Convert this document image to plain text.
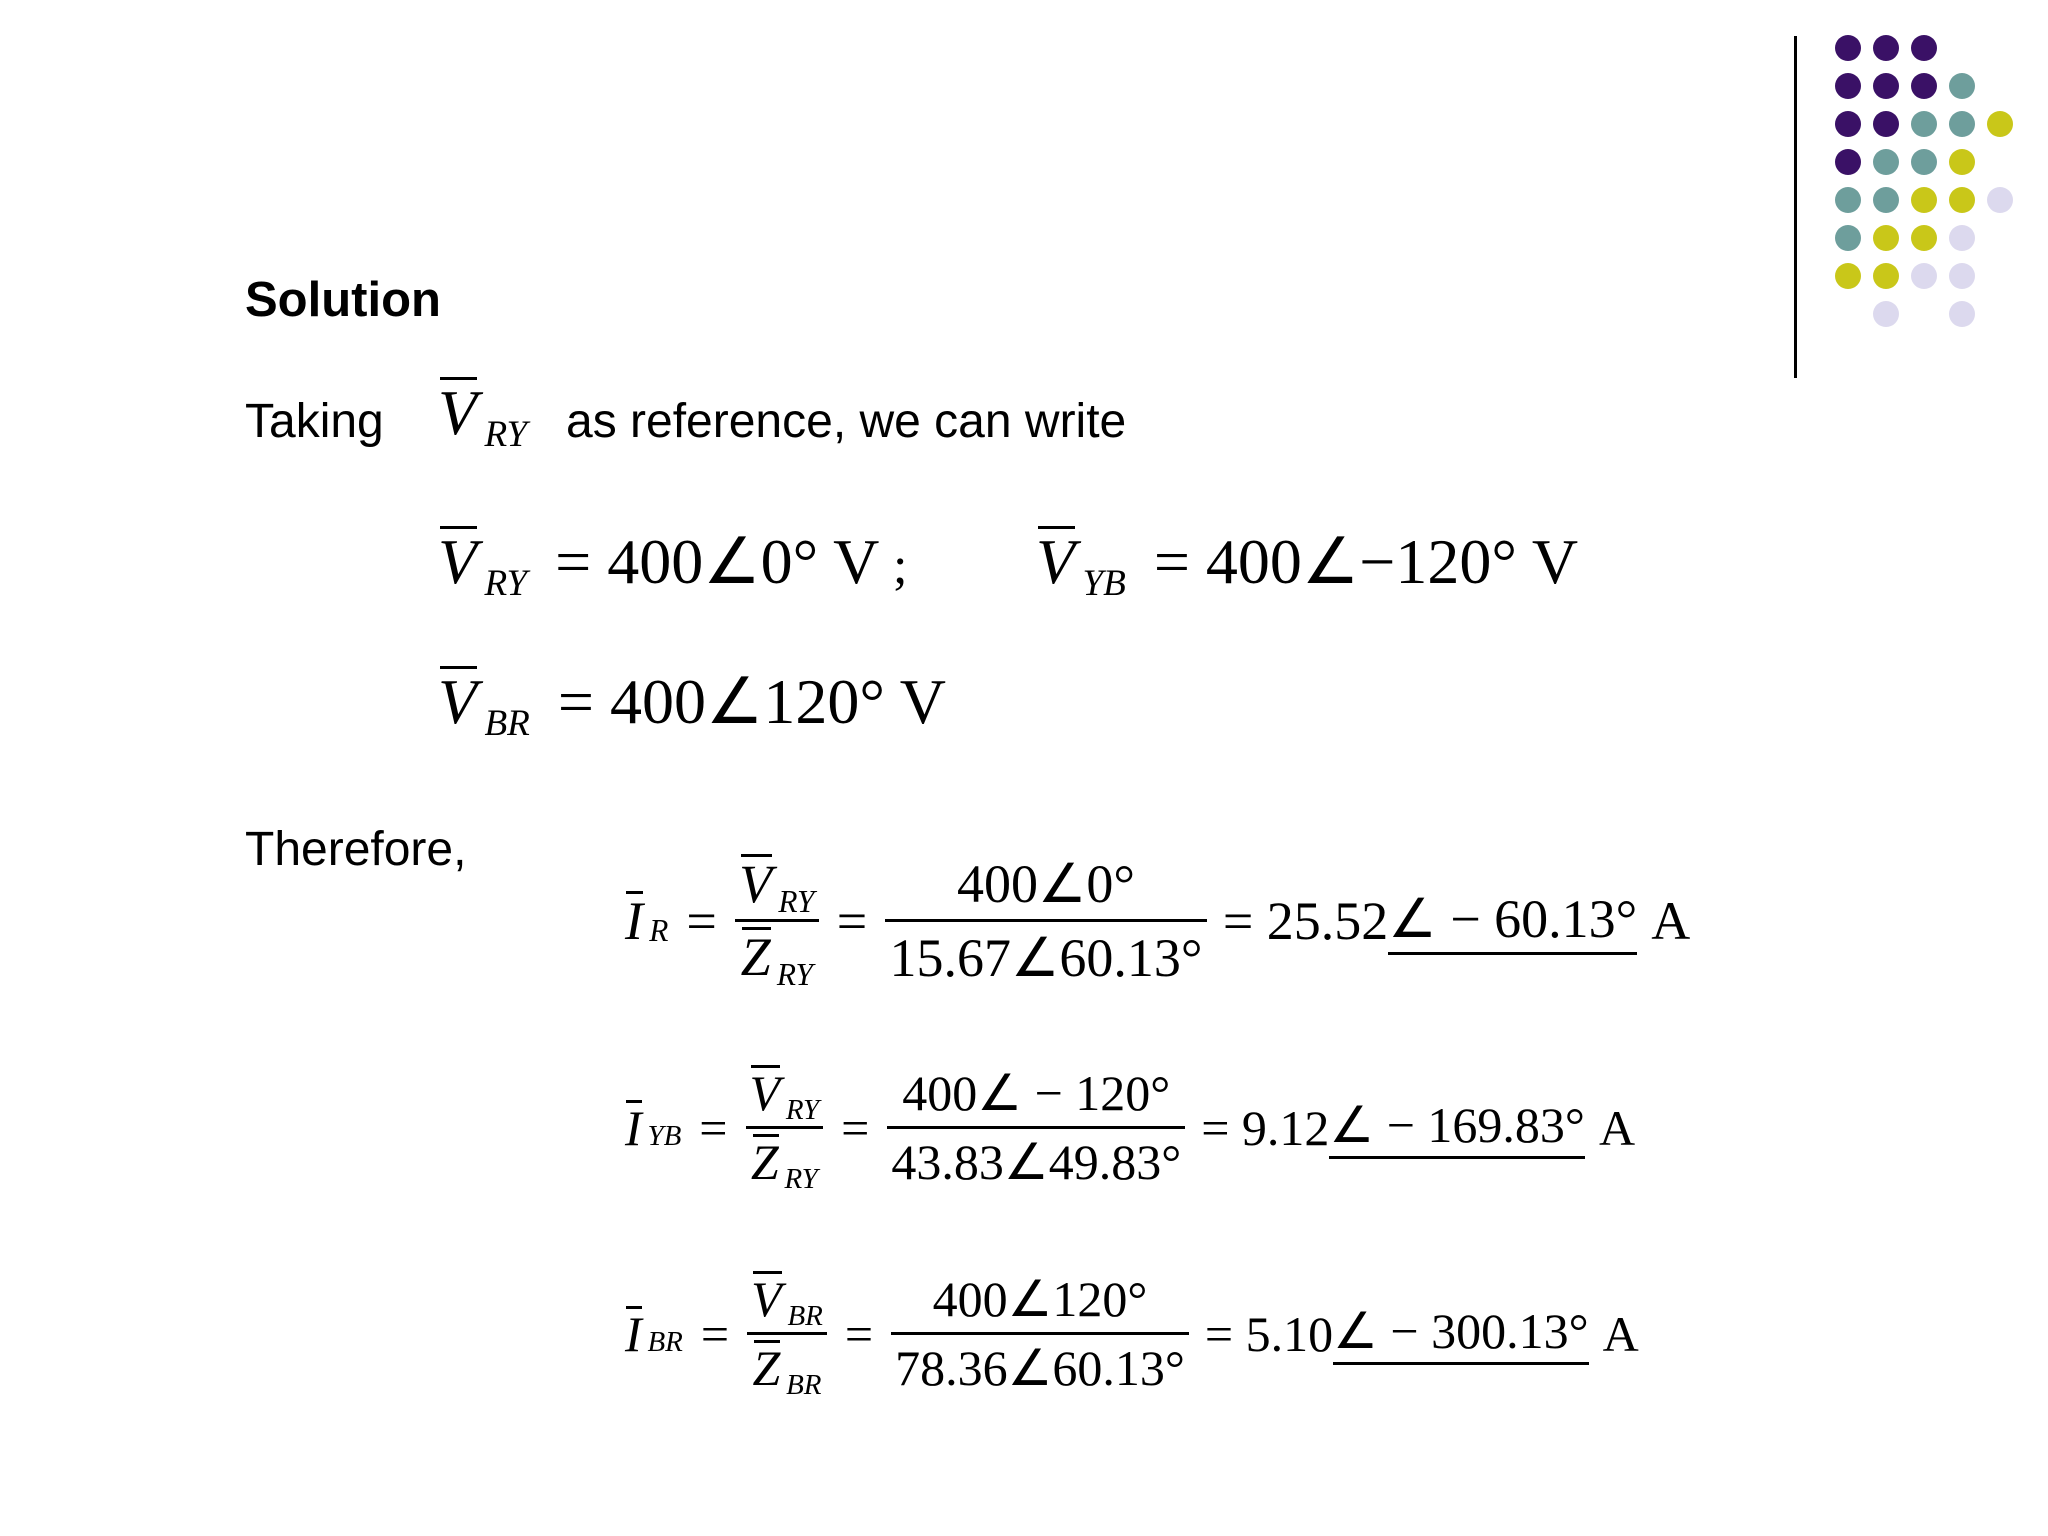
Solution
Taking VRY as reference, we can write
VRY = 400∠0° V ; VYB = 400∠−120° V
VBR = 400∠120° V
Therefore,
I $R = \frac{\text{V RY}}{\text{Z RY}} = \frac{400\angle 0^\circ}{15.67\angle 60.13^\circ} = 25.52$ ∠ − 60.13° A
I YB = $\frac{\text{V RY}}{\text{Z RY}} = \frac{400\angle - 120^\circ}{43.83\angle 49.83^\circ} = 9.12$ ∠ − 169.83° A
I BR = $\frac{\text{V BR}}{\text{Z BR}} = \frac{400\angle 120^\circ}{78.36\angle 60.13^\circ} = 5.10$ ∠ − 300.13° A
